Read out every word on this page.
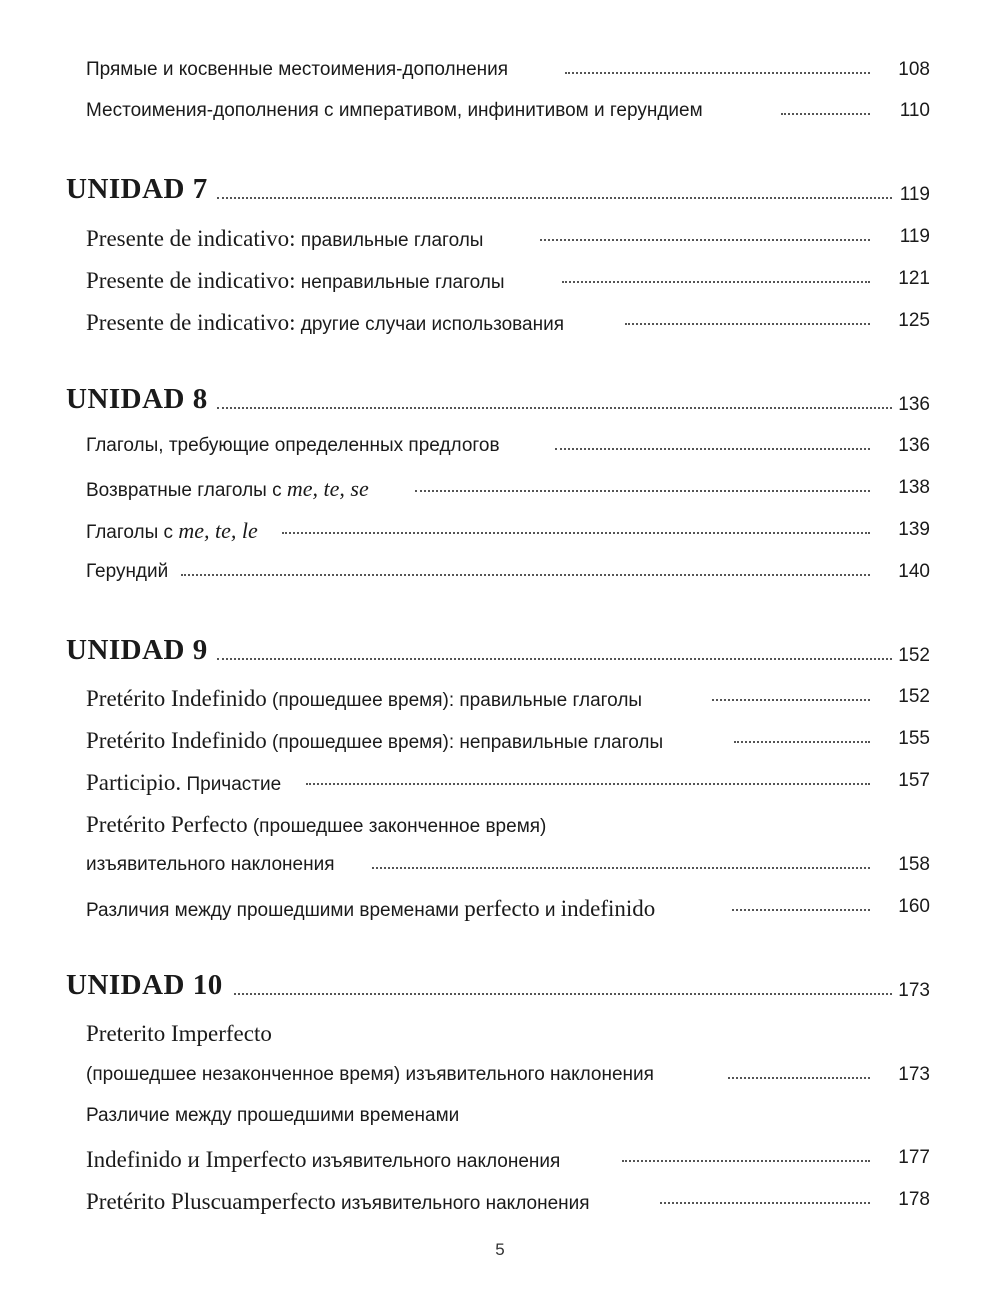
Прямые и косвенные местоимения-дополнения	108
Местоимения-дополнения с императивом, инфинитивом и герундием	110
UNIDAD 7	119
Presente de indicativo: правильные глаголы	119
Presente de indicativo: неправильные глаголы	121
Presente de indicativo: другие случаи использования	125
UNIDAD 8	136
Глаголы, требующие определенных предлогов	136
Возвратные глаголы с me, te, se	138
Глаголы с me, te, le	139
Герундий	140
UNIDAD 9	152
Pretérito Indefinido (прошедшее время): правильные глаголы	152
Pretérito Indefinido (прошедшее время): неправильные глаголы	155
Participio. Причастие	157
Pretérito Perfecto (прошедшее законченное время)
изъявительного наклонения	158
Различия между прошедшими временами perfecto и indefinido	160
UNIDAD 10	173
Preterito Imperfecto
(прошедшее незаконченное время) изъявительного наклонения	173
Различие между прошедшими временами
Indefinido и Imperfecto изъявительного наклонения	177
Pretérito Pluscuamperfecto изъявительного наклонения	178
5
